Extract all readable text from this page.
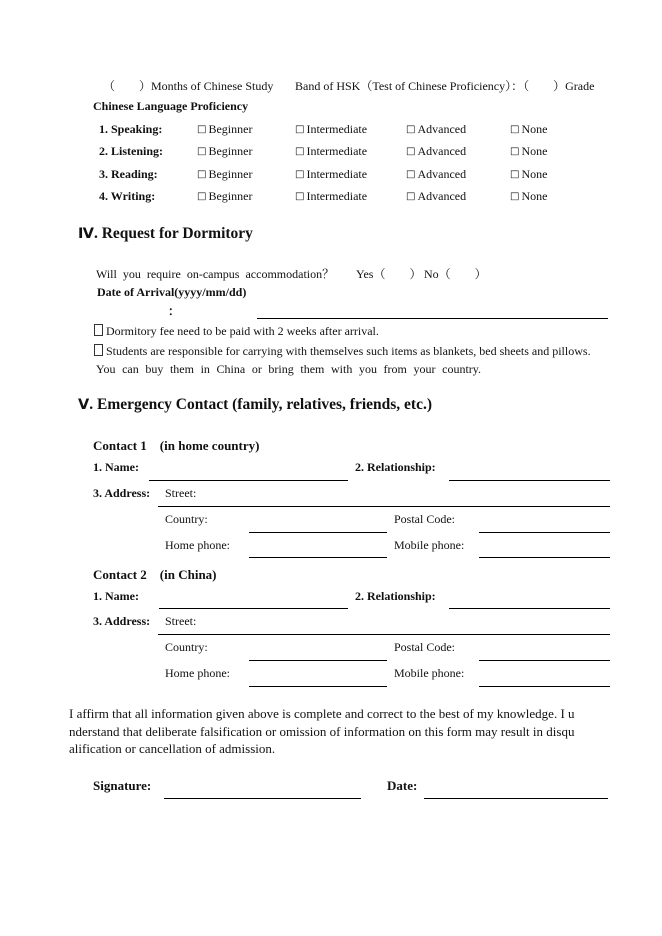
（　　）Months of Chinese Study Band of HSK（Test of Chinese Proficiency）：（　　）Grade
Chinese Language Proficiency
1. Speaking:	□ Beginner	□ Intermediate	□ Advanced	□ None
2. Listening:	□ Beginner	□ Intermediate	□ Advanced	□ None
3. Reading:	□ Beginner	□ Intermediate	□ Advanced	□ None
4. Writing:	□ Beginner	□ Intermediate	□ Advanced	□ None
Ⅳ. Request for Dormitory
Will you require on-campus accommodation？ Yes（　　） No（　　）
Date of Arrival(yyyy/mm/dd)
：
Dormitory fee need to be paid with 2 weeks after arrival.
Students are responsible for carrying with themselves such items as blankets, bed sheets and pillows.
You can buy them in China or bring them with you from your country.
Ⅴ. Emergency Contact (family, relatives, friends, etc.)
Contact 1　(in home country)
1. Name:	2. Relationship:
3. Address: Street:
Country:	Postal Code:
Home phone:	Mobile phone:
Contact 2　(in China)
1. Name:	2. Relationship:
3. Address: Street:
Country:	Postal Code:
Home phone:	Mobile phone:
I affirm that all information given above is complete and correct to the best of my knowledge. I u
nderstand that deliberate falsification or omission of information on this form may result in disqu
alification or cancellation of admission.
Signature:	Date:
